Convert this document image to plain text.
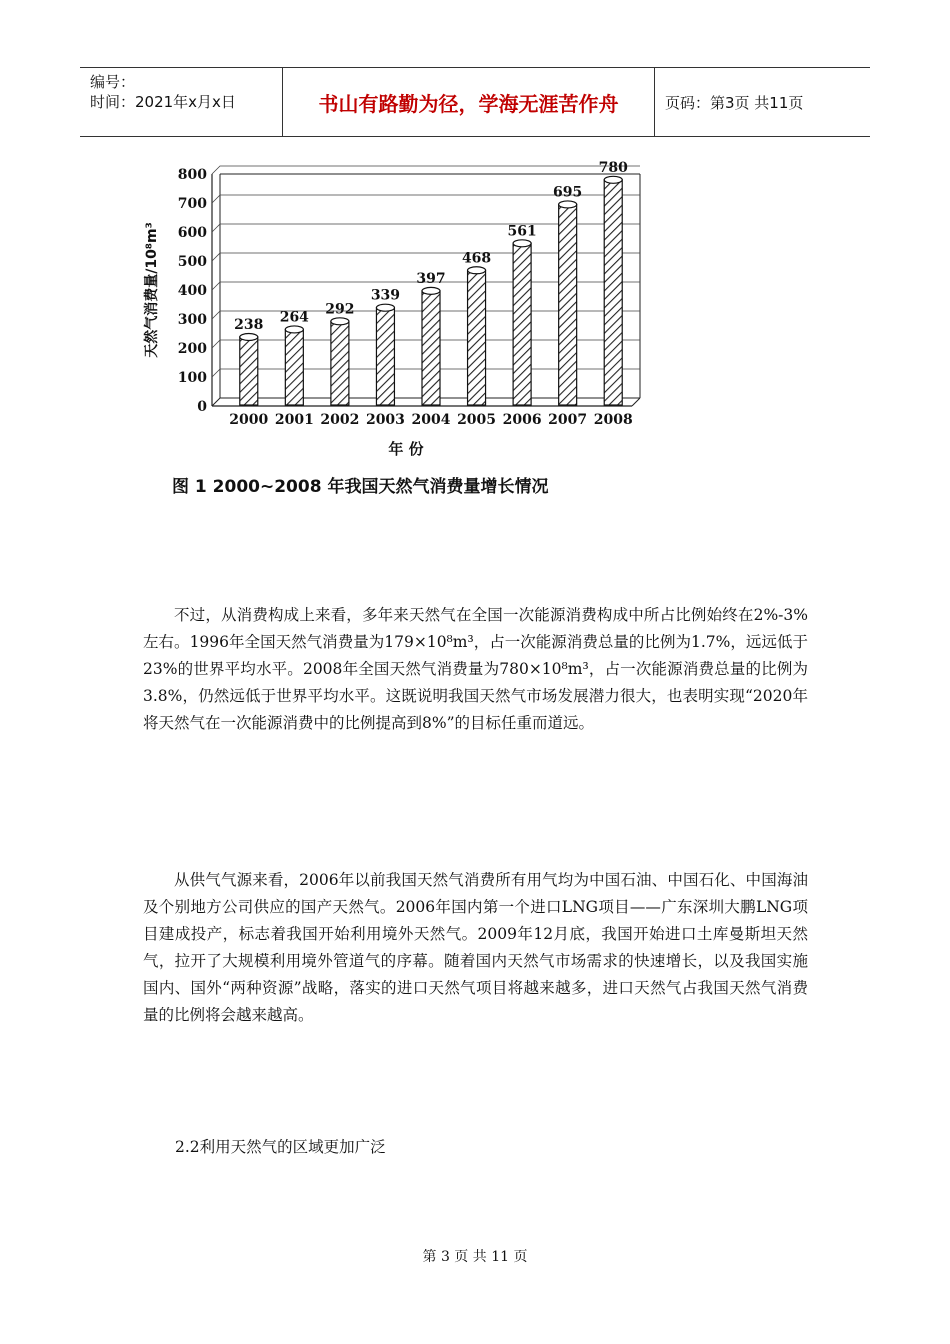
编号：
时间：2021年x月x日	书山有路勤为径，学海无涯苦作舟	页码：第3页 共11页
0
100
200
300
400
500
600
700
800
238
2000
264
2001
292
2002
339
2003
397
2004
468
2005
561
2006
695
2007
780
2008
天然气消费量/10⁸m³
年 份
图 1 2000~2008 年我国天然气消费量增长情况

不过，从消费构成上来看，多年来天然气在全国一次能源消费构成中所占比例始终在2%-3%左右。1996年全国天然气消费量为179×10⁸m³，占一次能源消费总量的比例为1.7%，远远低于23%的世界平均水平。2008年全国天然气消费量为780×10⁸m³，占一次能源消费总量的比例为3.8%，仍然远低于世界平均水平。这既说明我国天然气市场发展潜力很大，也表明实现“2020年将天然气在一次能源消费中的比例提高到8%”的目标任重而道远。

从供气气源来看，2006年以前我国天然气消费所有用气均为中国石油、中国石化、中国海油及个别地方公司供应的国产天然气。2006年国内第一个进口LNG项目——广东深圳大鹏LNG项目建成投产，标志着我国开始利用境外天然气。2009年12月底，我国开始进口土库曼斯坦天然气，拉开了大规模利用境外管道气的序幕。随着国内天然气市场需求的快速增长，以及我国实施国内、国外“两种资源”战略，落实的进口天然气项目将越来越多，进口天然气占我国天然气消费量的比例将会越来越高。

2.2利用天然气的区域更加广泛

第 3 页 共 11 页
